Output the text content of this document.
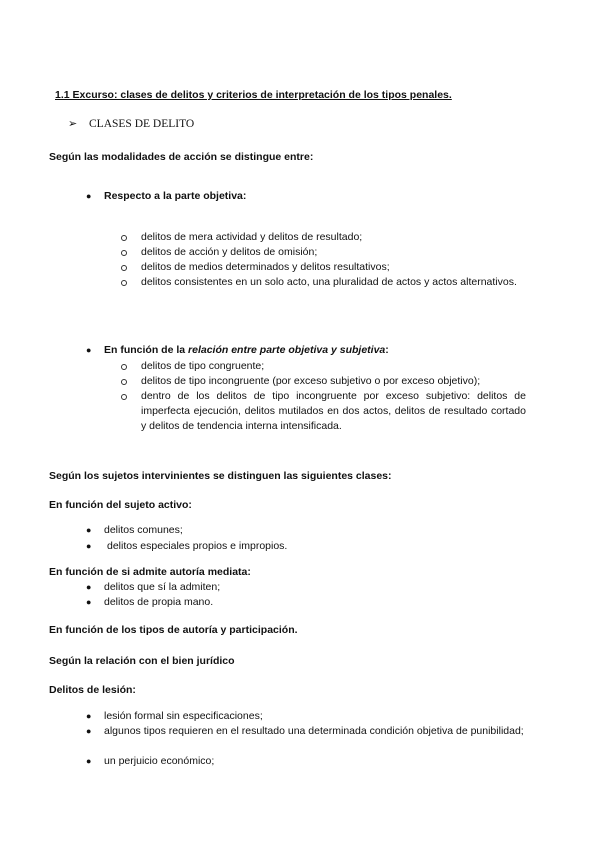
1.1 Excurso: clases de delitos y criterios de interpretación de los tipos penales.
➢ CLASES DE DELITO
Según las modalidades de acción se distingue entre:
● Respecto a la parte objetiva:
delitos de mera actividad y delitos de resultado;
delitos de acción y delitos de omisión;
delitos de medios determinados y delitos resultativos;
delitos consistentes en un solo acto, una pluralidad de actos y actos alternativos.
● En función de la relación entre parte objetiva y subjetiva:
delitos de tipo congruente;
delitos de tipo incongruente (por exceso subjetivo o por exceso objetivo);
dentro de los delitos de tipo incongruente por exceso subjetivo: delitos de imperfecta ejecución, delitos mutilados en dos actos, delitos de resultado cortado y delitos de tendencia interna intensificada.
Según los sujetos intervinientes se distinguen las siguientes clases:
En función del sujeto activo:
● delitos comunes;
● delitos especiales propios e impropios.
En función de si admite autoría mediata:
● delitos que sí la admiten;
● delitos de propia mano.
En función de los tipos de autoría y participación.
Según la relación con el bien jurídico
Delitos de lesión:
● lesión formal sin especificaciones;
● algunos tipos requieren en el resultado una determinada condición objetiva de punibilidad;
● un perjuicio económico;
